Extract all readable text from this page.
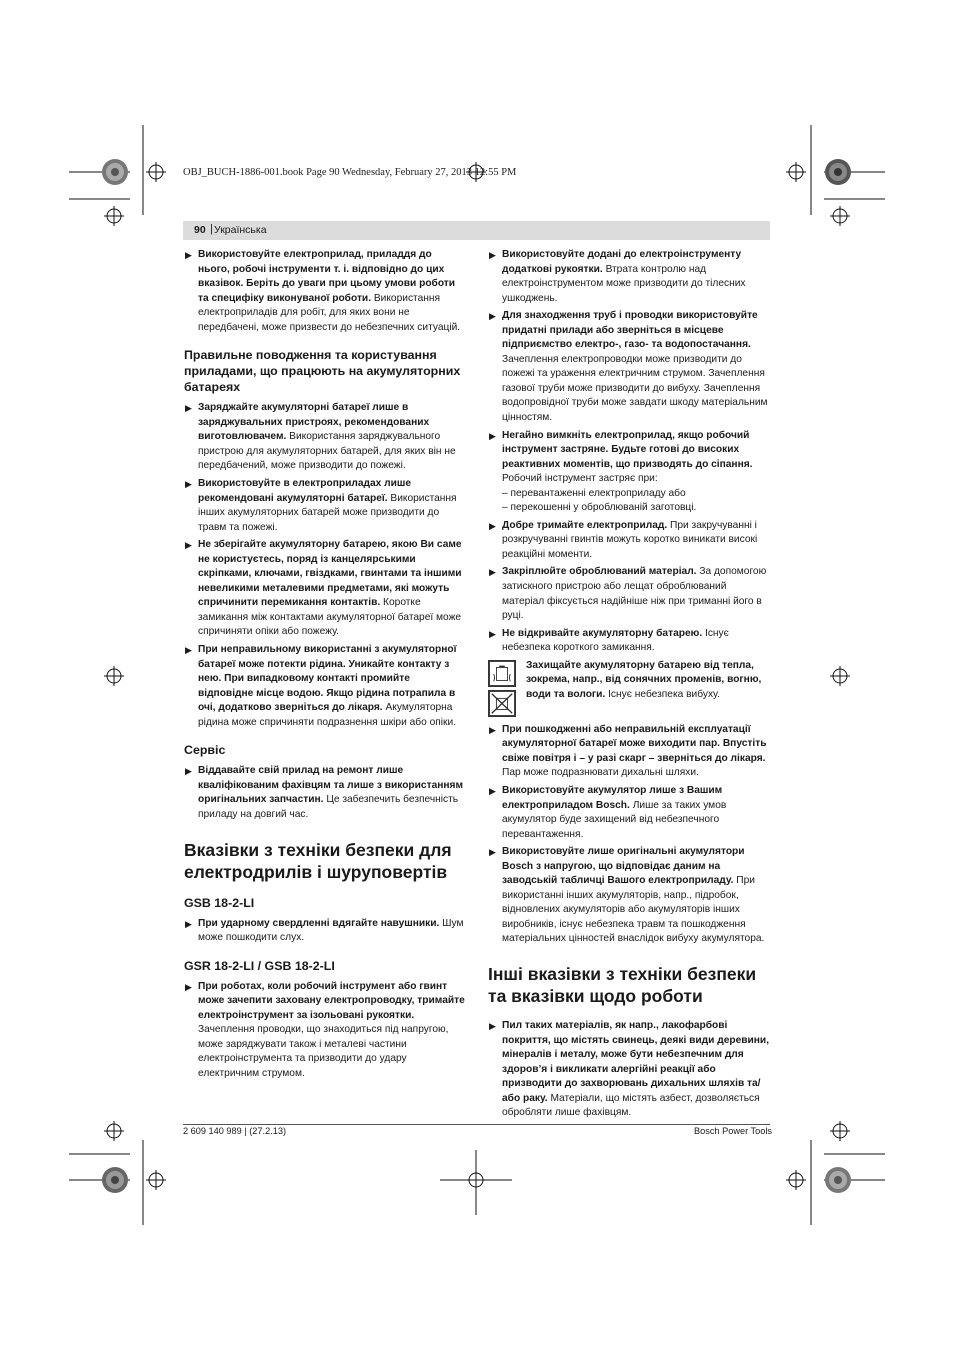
OBJ_BUCH-1886-001.book Page 90 Wednesday, February 27, 2013 12:55 PM
90 | Українська
▶ Використовуйте електроприлад, приладдя до нього, робочі інструменти т. і. відповідно до цих вказівок. Беріть до уваги при цьому умови роботи та специфіку виконуваної роботи. Використання електроприладів для робіт, для яких вони не передбачені, може призвести до небезпечних ситуацій.
Правильне поводження та користування приладами, що працюють на акумуляторних батареях
▶ Заряджайте акумуляторні батареї лише в заряджувальних пристроях, рекомендованих виготовлювачем. Використання заряджувального пристрою для акумуляторних батарей, для яких він не передбачений, може призводити до пожежі.
▶ Використовуйте в електроприладах лише рекомендовані акумуляторні батареї. Використання інших акумуляторних батарей може призводити до травм та пожежі.
▶ Не зберігайте акумуляторну батарею, якою Ви саме не користуєтесь, поряд із канцелярськими скріпками, ключами, гвіздками, гвинтами та іншими невеликими металевими предметами, які можуть спричинити перемикання контактів. Коротке замикання між контактами акумуляторної батареї може спричиняти опіки або пожежу.
▶ При неправильному використанні з акумуляторної батареї може потекти рідина. Уникайте контакту з нею. При випадковому контакті промийте відповідне місце водою. Якщо рідина потрапила в очі, додатково зверніться до лікаря. Акумуляторна рідина може спричиняти подразнення шкіри або опіки.
Сервіс
▶ Віддавайте свій прилад на ремонт лише кваліфікованим фахівцям та лише з використанням оригінальних запчастин. Це забезпечить безпечність приладу на довгий час.
Вказівки з техніки безпеки для електродрилів і шуруповертів
GSB 18-2-LI
▶ При ударному свердленні вдягайте навушники. Шум може пошкодити слух.
GSR 18-2-LI / GSB 18-2-LI
▶ При роботах, коли робочий інструмент або гвинт може зачепити заховану електропроводку, тримайте електроінструмент за ізольовані рукоятки. Зачеплення проводки, що знаходиться під напругою, може заряджувати також і металеві частини електроінструмента та призводити до удару електричним струмом.
▶ Використовуйте додані до електроінструменту додаткові рукоятки. Втрата контролю над електроінструментом може призводити до тілесних ушкоджень.
▶ Для знаходження труб і проводки використовуйте придатні прилади або зверніться в місцеве підприємство електро-, газо- та водопостачання. Зачеплення електропроводки може призводити до пожежі та ураження електричним струмом. Зачеплення газової труби може призводити до вибуху. Зачеплення водопровідної труби може завдати шкоду матеріальним цінностям.
▶ Негайно вимкніть електроприлад, якщо робочий інструмент застряне. Будьте готові до високих реактивних моментів, що призводять до сіпання. Робочий інструмент застряє при:
– перевантаженні електроприладу або
– перекошенні у оброблюваній заготовці.
▶ Добре тримайте електроприлад. При закручуванні і розкручуванні гвинтів можуть коротко виникати високі реакційні моменти.
▶ Закріплюйте оброблюваний матеріал. За допомогою затискного пристрою або лещат оброблюваний матеріал фіксується надійніше ніж при триманні його в руці.
▶ Не відкривайте акумуляторну батарею. Існує небезпека короткого замикання.
Захищайте акумуляторну батарею від тепла, зокрема, напр., від сонячних променів, вогню, води та вологи. Існує небезпека вибуху.
▶ При пошкодженні або неправильній експлуатації акумуляторної батареї може виходити пар. Впустіть свіже повітря і – у разі скарг – зверніться до лікаря. Пар може подразнювати дихальні шляхи.
▶ Використовуйте акумулятор лише з Вашим електроприладом Bosch. Лише за таких умов акумулятор буде захищений від небезпечного перевантаження.
▶ Використовуйте лише оригінальні акумулятори Bosch з напругою, що відповідає даним на заводській табличці Вашого електроприладу. При використанні інших акумуляторів, напр., підробок, відновлених акумуляторів або акумуляторів інших виробників, існує небезпека травм та пошкодження матеріальних цінностей внаслідок вибуху акумулятора.
Інші вказівки з техніки безпеки та вказівки щодо роботи
▶ Пил таких матеріалів, як напр., лакофарбові покриття, що містять свинець, деякі види деревини, мінералів і металу, може бути небезпечним для здоров’я і викликати алергійні реакції або призводити до захворювань дихальних шляхів та/або раку. Матеріали, що містять азбест, дозволяється обробляти лише фахівцям.
2 609 140 989 | (27.2.13)	Bosch Power Tools
